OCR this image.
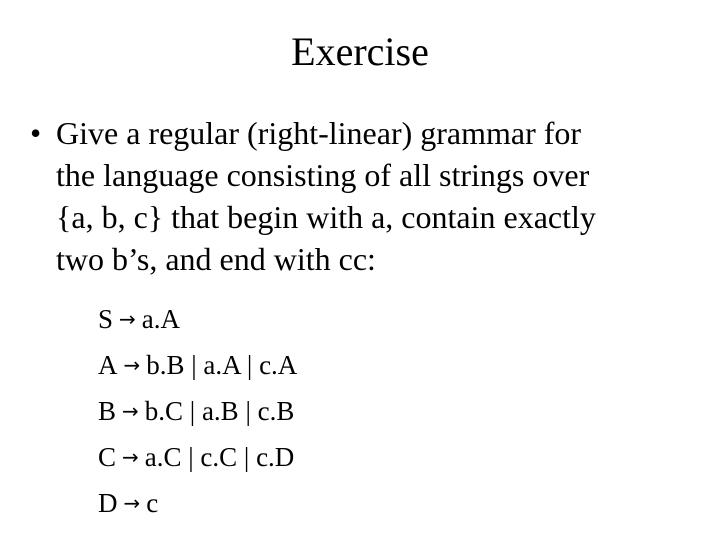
Exercise
• Give a regular (right-linear) grammar for
the language consisting of all strings over
{a, b, c} that begin with a, contain exactly
two b’s, and end with cc:
S → a.A
A → b.B | a.A | c.A
B → b.C | a.B | c.B
C → a.C | c.C | c.D
D → c
